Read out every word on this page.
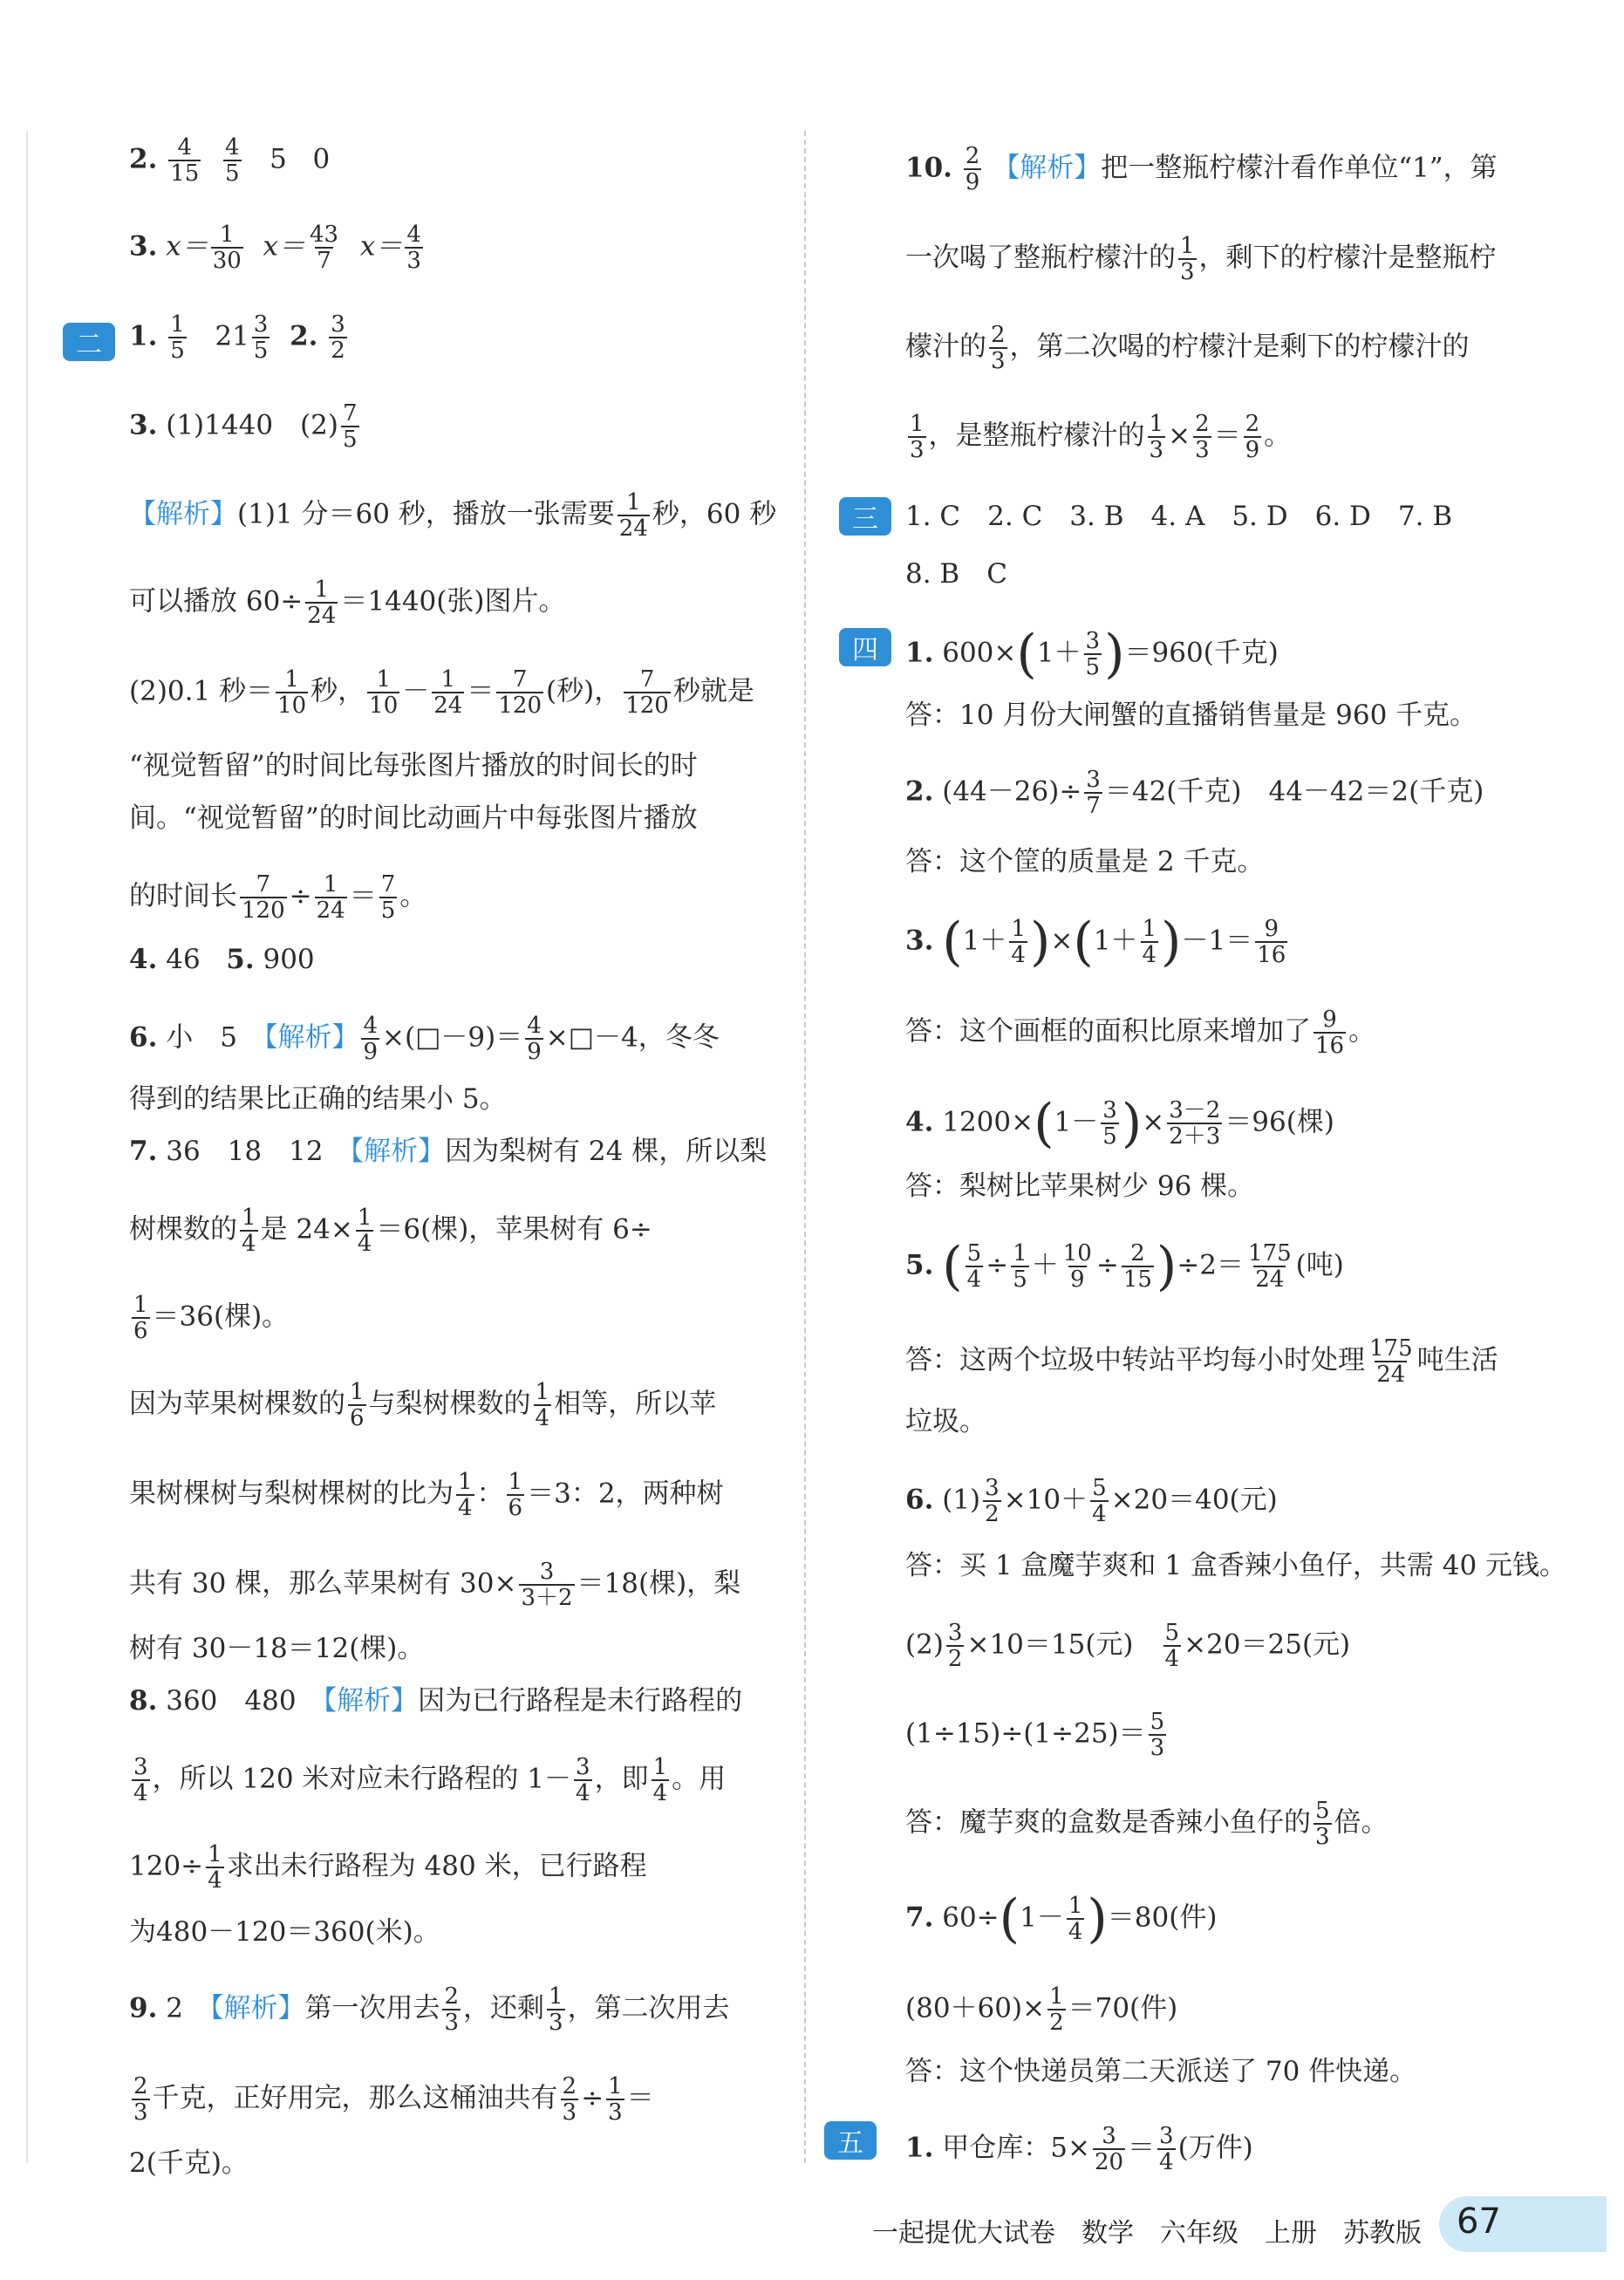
2. $\frac{4}{15}$
$\frac{4}{5} 5$ 0
3. $x= \frac{1}{30} x= \frac{43}{7} x= \frac{4}{3}$
1. $\frac{1}{5} 21 \frac{3}{5} 2$. $\frac{3}{2}$
3. (1)1440　$(2) \frac{7}{5}$
【解析】(1)1 分＝60 秒，播放一张需要 $\frac{1}{24}$ 秒，60 秒
可以播放 $60\div \frac{1}{24} =1440$(张)图片。
(2)0.1 秒＝ $\frac{1}{10}$ 秒， $\frac{1}{10} - \frac{1}{24} = \frac{7}{120}$ (秒)， $\frac{7}{120}$ 秒就是
“视觉暂留”的时间比每张图片播放的时间长的时
间。“视觉暂留”的时间比动画片中每张图片播放
的时间长 $\frac{7}{120} \div \frac{1}{24} = \frac{7}{5}$ 。
4. 46 5. 900
6. 小　5　【解析】 $\frac{4}{9}$ ×(□－9)＝ $\frac{4}{9}$ ×□－4，冬冬
得到的结果比正确的结果小 5。
7. 36　18　12　【解析】因为梨树有 24 棵，所以梨
树棵数的 $\frac{1}{4}$ 是 $24\times \frac{1}{4} =6$(棵)，苹果树有 6÷
$\frac{1}{6} =36$(棵)。
因为苹果树棵数的 $\frac{1}{6}$ 与梨树棵数的 $\frac{1}{4}$ 相等，所以苹
果树棵树与梨树棵树的比为 $\frac{1}{4}$ ： $\frac{1}{6} =3$：2，两种树
共有 30 棵，那么苹果树有 $30\times \frac{3}{3+2} =18$(棵)，梨
树有 30－18＝12(棵)。
8. 360　480　【解析】因为已行路程是未行路程的
$\frac{3}{4}$ ，所以 120 米对应未行路程的 $1- \frac{3}{4}$ ，即 $\frac{1}{4}$ 。用
$120\div \frac{1}{4}$ 求出未行路程为 480 米，已行路程
为480－120＝360(米)。
9. 2　【解析】第一次用去 $\frac{2}{3}$ ，还剩 $\frac{1}{3}$ ，第二次用去
$\frac{2}{3}$ 千克，正好用完，那么这桶油共有 $\frac{2}{3} \div \frac{1}{3}$ ＝
2(千克)。
二
三
四
五
10. $\frac{2}{9}$ 【解析】把一整瓶柠檬汁看作单位“1”，第
一次喝了整瓶柠檬汁的 $\frac{1}{3}$ ，剩下的柠檬汁是整瓶柠
檬汁的 $\frac{2}{3}$ ，第二次喝的柠檬汁是剩下的柠檬汁的
$\frac{1}{3}$ ，是整瓶柠檬汁的 $\frac{1}{3} \times \frac{2}{3} = \frac{2}{9}$ 。
1. C　2. C　3. B　4. A　5. D　6. D　7. B
8. B　C
1. $600\times(1+ \frac{3}{5} )=960$(千克)
答：10 月份大闸蟹的直播销售量是 960 千克。
2. $(44-26)\div \frac{3}{7} =42$(千克)　44－42＝2(千克)
答：这个筐的质量是 2 千克。
3. $(1+ \frac{1}{4} )\times(1+ \frac{1}{4} )-1= \frac{9}{16}$
答：这个画框的面积比原来增加了 $\frac{9}{16}$ 。
4. $1200\times(1- \frac{3}{5}$ )× $\frac{3-2}{2+3} =96$(棵)
答：梨树比苹果树少 96 棵。
5. ( $\frac{5}{4} \div \frac{1}{5} + \frac{10}{9} \div \frac{2}{15} )\div 2= \frac{175}{24}$ (吨)
答：这两个垃圾中转站平均每小时处理 $\frac{175}{24}$ 吨生活
垃圾。
6. $(1) \frac{3}{2} \times 10+ \frac{5}{4} \times 20=40$(元)
答：买 1 盒魔芋爽和 1 盒香辣小鱼仔，共需 40 元钱。
$(2) \frac{3}{2} \times 10=15$(元)　 $\frac{5}{4} \times 20=25$(元)
$(1\div 15)\div(1\div 25)= \frac{5}{3}$
答：魔芋爽的盒数是香辣小鱼仔的 $\frac{5}{3}$ 倍。
7. $60\div(1- \frac{1}{4} )=80$(件)
$(80+60)\times \frac{1}{2} =70$(件)
答：这个快递员第二天派送了 70 件快递。
1. 甲仓库：$5\times \frac{3}{20} = \frac{3}{4}$ (万件)
一起提优大试卷　数学　六年级　上册　苏教版 67
